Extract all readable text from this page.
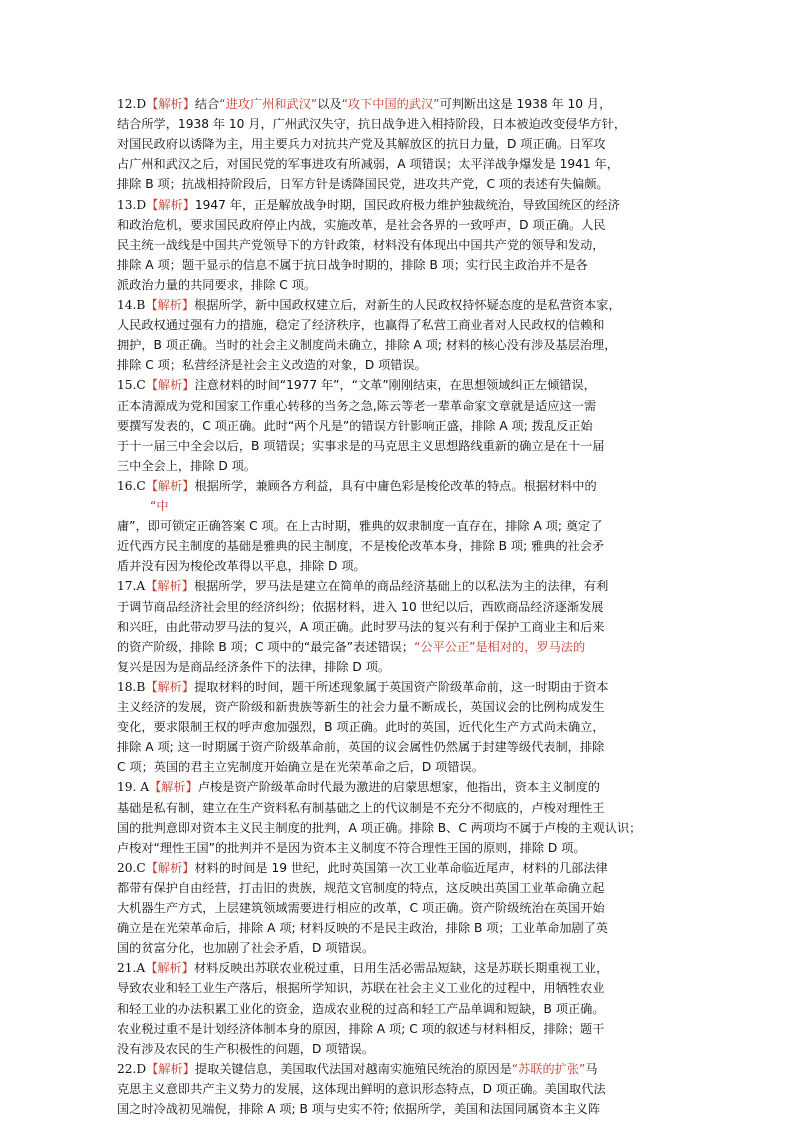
12.D【解析】结合“进攻广州和武汉”以及“攻下中国的武汉”可判断出这是 1938 年 10 月，
结合所学，1938 年 10 月，广州武汉失守，抗日战争进入相持阶段，日本被迫改变侵华方针，
对国民政府以诱降为主，用主要兵力对抗共产党及其解放区的抗日力量，D 项正确。日军攻
占广州和武汉之后，对国民党的军事进攻有所减弱，A 项错误；太平洋战争爆发是 1941 年，
排除 B 项；抗战相持阶段后，日军方针是诱降国民党，进攻共产党，C 项的表述有失偏颇。
13.D【解析】1947 年，正是解放战争时期，国民政府极力维护独裁统治，导致国统区的经济
和政治危机，要求国民政府停止内战，实施改革，是社会各界的一致呼声，D 项正确。人民
民主统一战线是中国共产党领导下的方针政策，材料没有体现出中国共产党的领导和发动，
排除 A 项；题干显示的信息不属于抗日战争时期的，排除 B 项；实行民主政治并不是各
派政治力量的共同要求，排除 C 项。
14.B【解析】根据所学，新中国政权建立后，对新生的人民政权持怀疑态度的是私营资本家，
人民政权通过强有力的措施，稳定了经济秩序，也赢得了私营工商业者对人民政权的信赖和
拥护，B 项正确。当时的社会主义制度尚未确立，排除 A 项; 材料的核心没有涉及基层治理，
排除 C 项；私营经济是社会主义改造的对象，D 项错误。
15.C【解析】注意材料的时间“1977 年”，“文革”刚刚结束，在思想领域纠正左倾错误，
正本清源成为党和国家工作重心转移的当务之急,陈云等老一辈革命家文章就是适应这一需
要撰写发表的，C 项正确。此时“两个凡是”的错误方针影响正盛，排除 A 项; 拨乱反正始
于十一届三中全会以后，B 项错误；实事求是的马克思主义思想路线重新的确立是在十一届
三中全会上，排除 D 项。
16.C【解析】根据所学，兼顾各方利益，具有中庸色彩是梭伦改革的特点。根据材料中的
“中
庸”，即可锁定正确答案 C 项。在上古时期，雅典的奴隶制度一直存在，排除 A 项; 奠定了
近代西方民主制度的基础是雅典的民主制度，不是梭伦改革本身，排除 B 项; 雅典的社会矛
盾并没有因为梭伦改革得以平息，排除 D 项。
17.A【解析】根据所学，罗马法是建立在简单的商品经济基础上的以私法为主的法律，有利
于调节商品经济社会里的经济纠纷；依据材料，进入 10 世纪以后，西欧商品经济逐渐发展
和兴旺，由此带动罗马法的复兴，A 项正确。此时罗马法的复兴有利于保护工商业主和后来
的资产阶级，排除 B 项；C 项中的“最完备”表述错误；“公平公正”是相对的，罗马法的
复兴是因为是商品经济条件下的法律，排除 D 项。
18.B【解析】提取材料的时间，题干所述现象属于英国资产阶级革命前，这一时期由于资本
主义经济的发展，资产阶级和新贵族等新生的社会力量不断成长，英国议会的比例构成发生
变化，要求限制王权的呼声愈加强烈，B 项正确。此时的英国，近代化生产方式尚未确立，
排除 A 项; 这一时期属于资产阶级革命前，英国的议会属性仍然属于封建等级代表制，排除
C 项；英国的君主立宪制度开始确立是在光荣革命之后，D 项错误。
19. A【解析】卢梭是资产阶级革命时代最为激进的启蒙思想家，他指出，资本主义制度的
基础是私有制，建立在生产资料私有制基础之上的代议制是不充分不彻底的，卢梭对理性王
国的批判意即对资本主义民主制度的批判，A 项正确。排除 B、C 两项均不属于卢梭的主观认识；
卢梭对“理性王国”的批判并不是因为资本主义制度不符合理性王国的原则，排除 D 项。
20.C【解析】材料的时间是 19 世纪，此时英国第一次工业革命临近尾声，材料的几部法律
都带有保护自由经营，打击旧的贵族，规范文官制度的特点，这反映出英国工业革命确立起
大机器生产方式，上层建筑领域需要进行相应的改革，C 项正确。资产阶级统治在英国开始
确立是在光荣革命后，排除 A 项; 材料反映的不是民主政治，排除 B 项；工业革命加剧了英
国的贫富分化，也加剧了社会矛盾，D 项错误。
21.A【解析】材料反映出苏联农业税过重，日用生活必需品短缺，这是苏联长期重视工业，
导致农业和轻工业生产落后，根据所学知识，苏联在社会主义工业化的过程中，用牺牲农业
和轻工业的办法积累工业化的资金，造成农业税的过高和轻工产品单调和短缺，B 项正确。
农业税过重不是计划经济体制本身的原因，排除 A 项; C 项的叙述与材料相反，排除；题干
没有涉及农民的生产积极性的问题，D 项错误。
22.D【解析】提取关键信息，美国取代法国对越南实施殖民统治的原因是“苏联的扩张”马
克思主义意即共产主义势力的发展，这体现出鲜明的意识形态特点，D 项正确。美国取代法
国之时冷战初见端倪，排除 A 项; B 项与史实不符; 依据所学，美国和法国同属资本主义阵
